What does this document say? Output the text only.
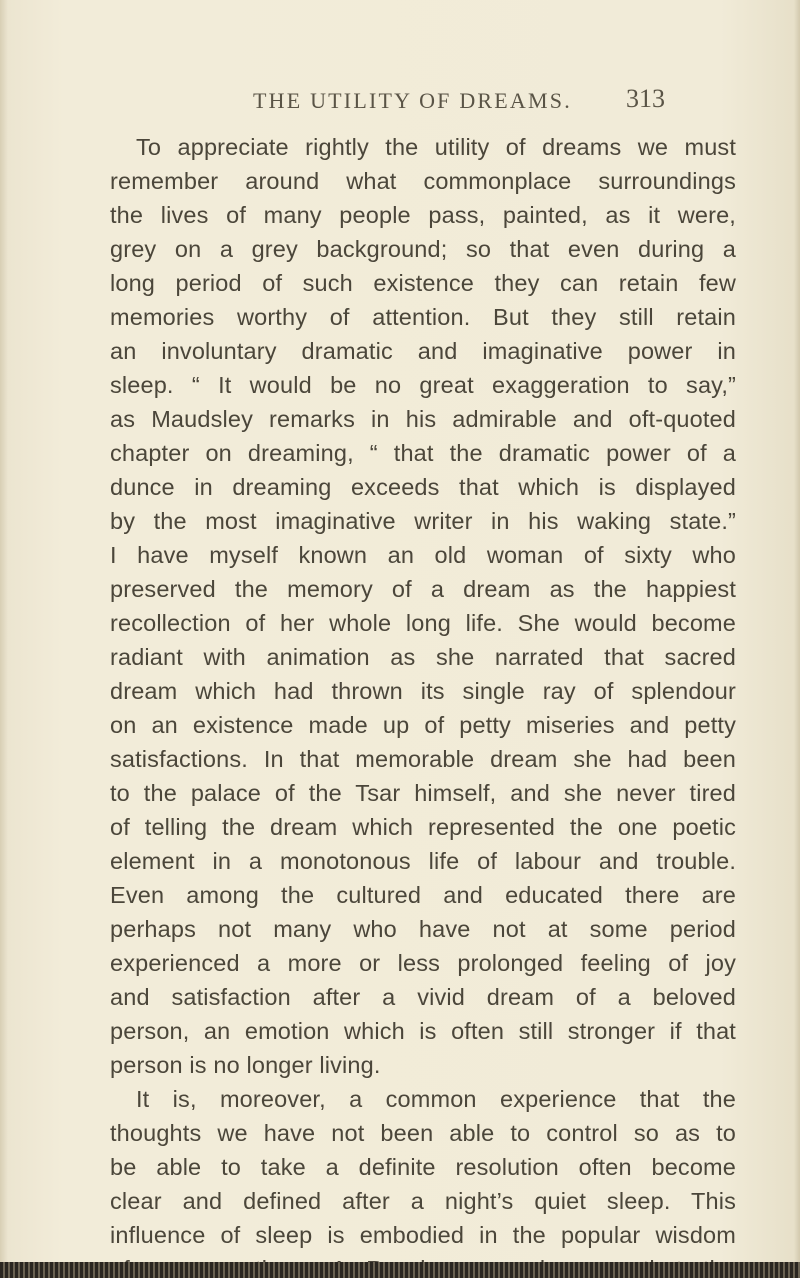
THE UTILITY OF DREAMS. 313
To appreciate rightly the utility of dreams we must
remember around what commonplace surroundings
the lives of many people pass, painted, as it were,
grey on a grey background; so that even during a
long period of such existence they can retain few
memories worthy of attention. But they still retain
an involuntary dramatic and imaginative power in
sleep. “ It would be no great exaggeration to say,”
as Maudsley remarks in his admirable and oft-quoted
chapter on dreaming, “ that the dramatic power of a
dunce in dreaming exceeds that which is displayed
by the most imaginative writer in his waking state.”
I have myself known an old woman of sixty who
preserved the memory of a dream as the happiest
recollection of her whole long life. She would become
radiant with animation as she narrated that sacred
dream which had thrown its single ray of splendour
on an existence made up of petty miseries and petty
satisfactions. In that memorable dream she had been
to the palace of the Tsar himself, and she never tired
of telling the dream which represented the one poetic
element in a monotonous life of labour and trouble.
Even among the cultured and educated there are
perhaps not many who have not at some period
experienced a more or less prolonged feeling of joy
and satisfaction after a vivid dream of a beloved
person, an emotion which is often still stronger if that
person is no longer living.
It is, moreover, a common experience that the
thoughts we have not been able to control so as to
be able to take a definite resolution often become
clear and defined after a night’s quiet sleep. This
influence of sleep is embodied in the popular wisdom
